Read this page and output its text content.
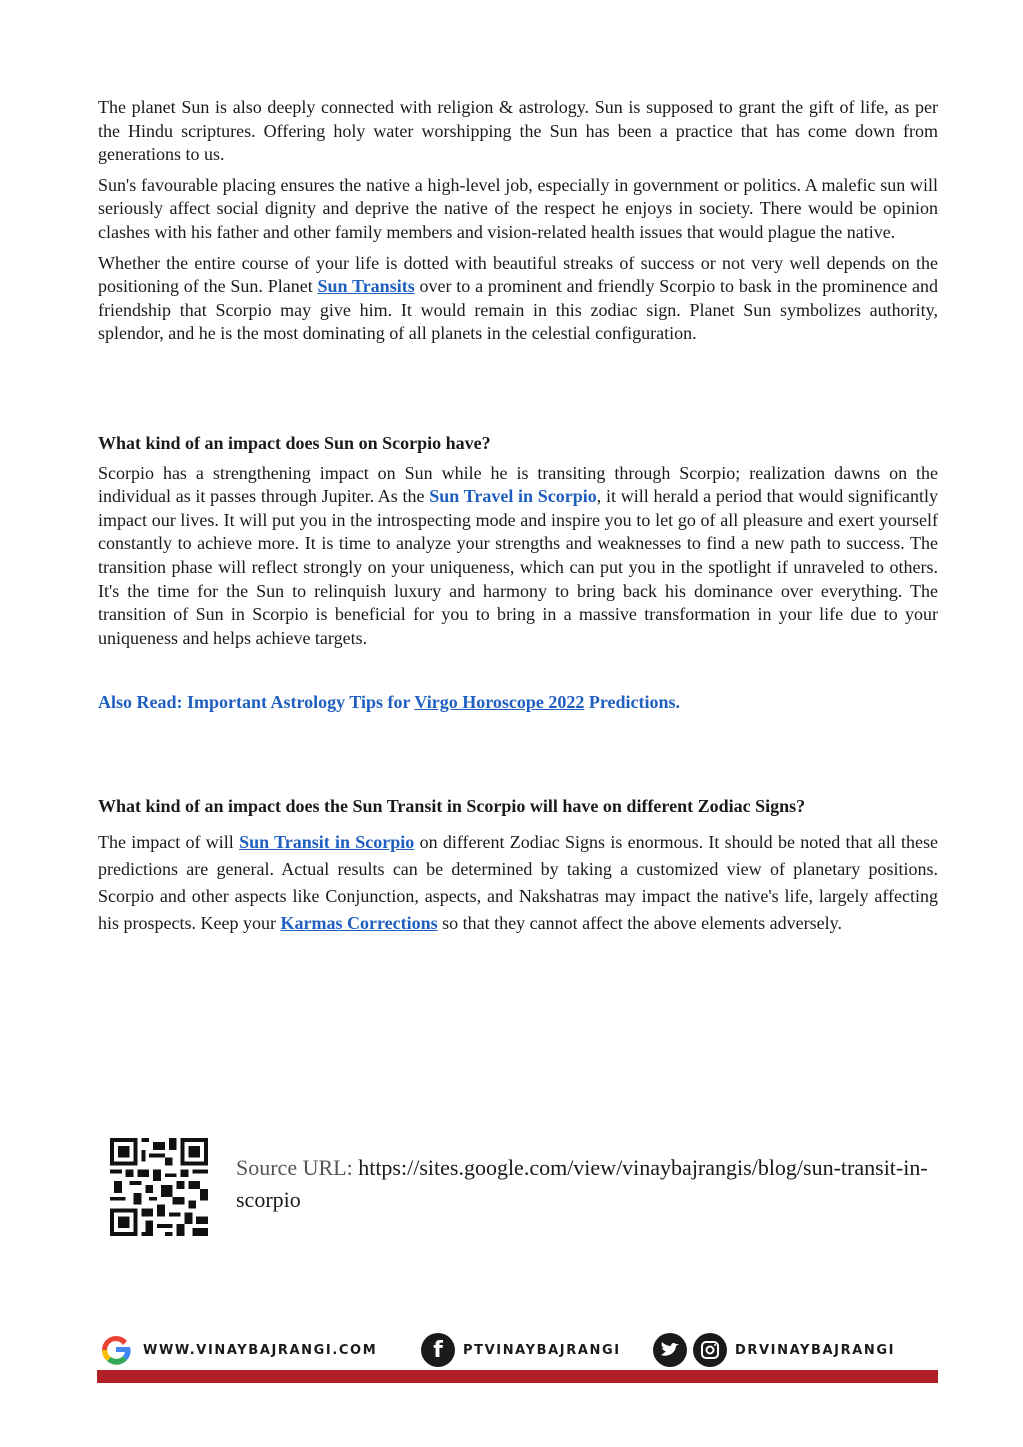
The planet Sun is also deeply connected with religion & astrology. Sun is supposed to grant the gift of life, as per the Hindu scriptures. Offering holy water worshipping the Sun has been a practice that has come down from generations to us.

Sun's favourable placing ensures the native a high-level job, especially in government or politics. A malefic sun will seriously affect social dignity and deprive the native of the respect he enjoys in society. There would be opinion clashes with his father and other family members and vision-related health issues that would plague the native.

Whether the entire course of your life is dotted with beautiful streaks of success or not very well depends on the positioning of the Sun. Planet Sun Transits over to a prominent and friendly Scorpio to bask in the prominence and friendship that Scorpio may give him. It would remain in this zodiac sign. Planet Sun symbolizes authority, splendor, and he is the most dominating of all planets in the celestial configuration.

What kind of an impact does Sun on Scorpio have?

Scorpio has a strengthening impact on Sun while he is transiting through Scorpio; realization dawns on the individual as it passes through Jupiter. As the Sun Travel in Scorpio, it will herald a period that would significantly impact our lives. It will put you in the introspecting mode and inspire you to let go of all pleasure and exert yourself constantly to achieve more. It is time to analyze your strengths and weaknesses to find a new path to success. The transition phase will reflect strongly on your uniqueness, which can put you in the spotlight if unraveled to others. It's the time for the Sun to relinquish luxury and harmony to bring back his dominance over everything. The transition of Sun in Scorpio is beneficial for you to bring in a massive transformation in your life due to your uniqueness and helps achieve targets.

Also Read: Important Astrology Tips for Virgo Horoscope 2022 Predictions.
What kind of an impact does the Sun Transit in Scorpio will have on different Zodiac Signs?

The impact of will Sun Transit in Scorpio on different Zodiac Signs is enormous. It should be noted that all these predictions are general. Actual results can be determined by taking a customized view of planetary positions. Scorpio and other aspects like Conjunction, aspects, and Nakshatras may impact the native's life, largely affecting his prospects. Keep your Karmas Corrections so that they cannot affect the above elements adversely.

Source URL: https://sites.google.com/view/vinaybajrangis/blog/sun-transit-in-scorpio
WWW.VINAYBAJRANGI.COM	f	PTVINAYBAJRANGI	DRVINAYBAJRANGI
